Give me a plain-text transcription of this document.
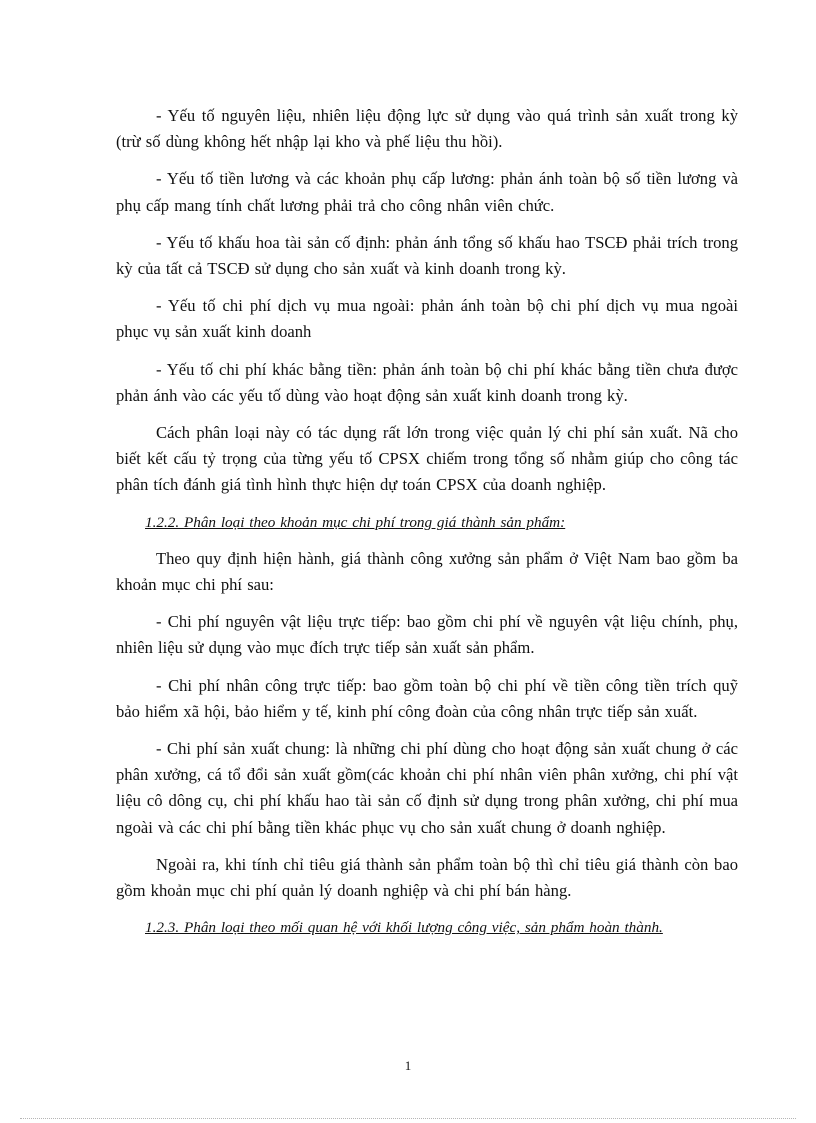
- Yếu tố nguyên liệu, nhiên liệu động lực sử dụng vào quá trình sản xuất trong kỳ (trừ số dùng không hết nhập lại kho và phế liệu thu hồi).

- Yếu tố tiền lương và các khoản phụ cấp lương: phản ánh toàn bộ số tiền lương và phụ cấp mang tính chất lương phải trả cho công nhân viên chức.

- Yếu tố khấu hoa tài sản cố định: phản ánh tổng số khấu hao TSCĐ phải trích trong kỳ của tất cả TSCĐ sử dụng cho sản xuất và kinh doanh trong kỳ.

- Yếu tố chi phí dịch vụ mua ngoài: phản ánh toàn bộ chi phí dịch vụ mua ngoài phục vụ sản xuất kinh doanh

- Yếu tố chi phí khác bằng tiền: phản ánh toàn bộ chi phí khác bằng tiền chưa được phản ánh vào các yếu tố dùng vào hoạt động sản xuất kinh doanh trong kỳ.

Cách phân loại này có tác dụng rất lớn trong việc quản lý chi phí sản xuất. Nã cho biết kết cấu tỷ trọng của từng yếu tố CPSX chiếm trong tổng số nhằm giúp cho công tác phân tích đánh giá tình hình thực hiện dự toán CPSX của doanh nghiệp.

1.2.2. Phân loại theo khoản mục chi phí trong giá thành sản phẩm:

Theo quy định hiện hành, giá thành công xưởng sản phẩm ở Việt Nam bao gồm ba khoản mục chi phí sau:

- Chi phí nguyên vật liệu trực tiếp: bao gồm chi phí về nguyên vật liệu chính, phụ, nhiên liệu sử dụng vào mục đích trực tiếp sản xuất sản phẩm.

- Chi phí nhân công trực tiếp: bao gồm toàn bộ chi phí về tiền công tiền trích quỹ bảo hiểm xã hội, bảo hiểm y tế, kinh phí công đoàn của công nhân trực tiếp sản xuất.

- Chi phí sản xuất chung: là những chi phí dùng cho hoạt động sản xuất chung ở các phân xưởng, cá tổ đổi sản xuất gồm(các khoản chi phí nhân viên phân xưởng, chi phí vật liệu cô dông cụ, chi phí khấu hao tài sản cố định sử dụng trong phân xưởng, chi phí mua ngoài và các chi phí bằng tiền khác phục vụ cho sản xuất chung ở doanh nghiệp.

Ngoài ra, khi tính chỉ tiêu giá thành sản phẩm toàn bộ thì chỉ tiêu giá thành còn bao gồm khoản mục chi phí quản lý doanh nghiệp và chi phí bán hàng.

1.2.3. Phân loại theo mối quan hệ với khối lượng công việc, sản phẩm hoàn thành.

1
